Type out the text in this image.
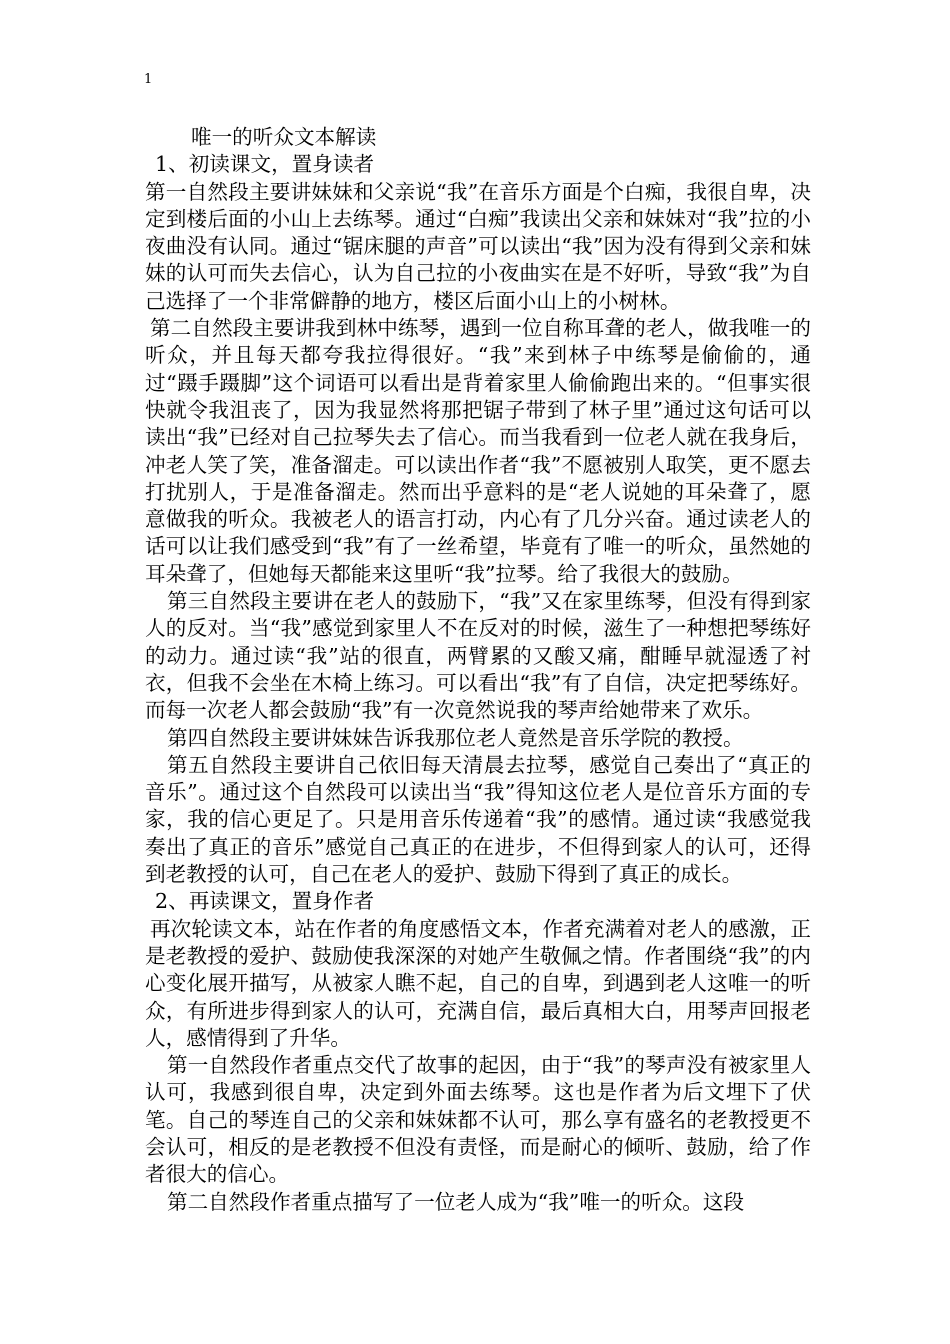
1

唯一的听众文本解读

1、初读课文，置身读者

第一自然段主要讲妹妹和父亲说“我”在音乐方面是个白痴，我很自卑，决定到楼后面的小山上去练琴。通过“白痴”我读出父亲和妹妹对“我”拉的小夜曲没有认同。通过“锯床腿的声音”可以读出“我”因为没有得到父亲和妹妹的认可而失去信心，认为自己拉的小夜曲实在是不好听，导致“我”为自己选择了一个非常僻静的地方，楼区后面小山上的小树林。

第二自然段主要讲我到林中练琴，遇到一位自称耳聋的老人，做我唯一的听众，并且每天都夸我拉得很好。“我”来到林子中练琴是偷偷的，通过“蹑手蹑脚”这个词语可以看出是背着家里人偷偷跑出来的。“但事实很快就令我沮丧了，因为我显然将那把锯子带到了林子里”通过这句话可以读出“我”已经对自己拉琴失去了信心。而当我看到一位老人就在我身后，冲老人笑了笑，准备溜走。可以读出作者“我”不愿被别人取笑，更不愿去打扰别人，于是准备溜走。然而出乎意料的是“老人说她的耳朵聋了，愿意做我的听众。我被老人的语言打动，内心有了几分兴奋。通过读老人的话可以让我们感受到“我”有了一丝希望，毕竟有了唯一的听众，虽然她的耳朵聋了，但她每天都能来这里听“我”拉琴。给了我很大的鼓励。

第三自然段主要讲在老人的鼓励下，“我”又在家里练琴，但没有得到家人的反对。当“我”感觉到家里人不在反对的时候，滋生了一种想把琴练好的动力。通过读“我”站的很直，两臂累的又酸又痛，酣睡早就湿透了衬衣，但我不会坐在木椅上练习。可以看出“我”有了自信，决定把琴练好。而每一次老人都会鼓励“我”有一次竟然说我的琴声给她带来了欢乐。

第四自然段主要讲妹妹告诉我那位老人竟然是音乐学院的教授。

第五自然段主要讲自己依旧每天清晨去拉琴，感觉自己奏出了“真正的音乐”。通过这个自然段可以读出当“我”得知这位老人是位音乐方面的专家，我的信心更足了。只是用音乐传递着“我”的感情。通过读“我感觉我奏出了真正的音乐”感觉自己真正的在进步，不但得到家人的认可，还得到老教授的认可，自己在老人的爱护、鼓励下得到了真正的成长。

2、再读课文，置身作者

再次轮读文本，站在作者的角度感悟文本，作者充满着对老人的感激，正是老教授的爱护、鼓励使我深深的对她产生敬佩之情。作者围绕“我”的内心变化展开描写，从被家人瞧不起，自己的自卑，到遇到老人这唯一的听众，有所进步得到家人的认可，充满自信，最后真相大白，用琴声回报老人，感情得到了升华。

第一自然段作者重点交代了故事的起因，由于“我”的琴声没有被家里人认可，我感到很自卑，决定到外面去练琴。这也是作者为后文埋下了伏笔。自己的琴连自己的父亲和妹妹都不认可，那么享有盛名的老教授更不会认可，相反的是老教授不但没有责怪，而是耐心的倾听、鼓励，给了作者很大的信心。

第二自然段作者重点描写了一位老人成为“我”唯一的听众。这段
